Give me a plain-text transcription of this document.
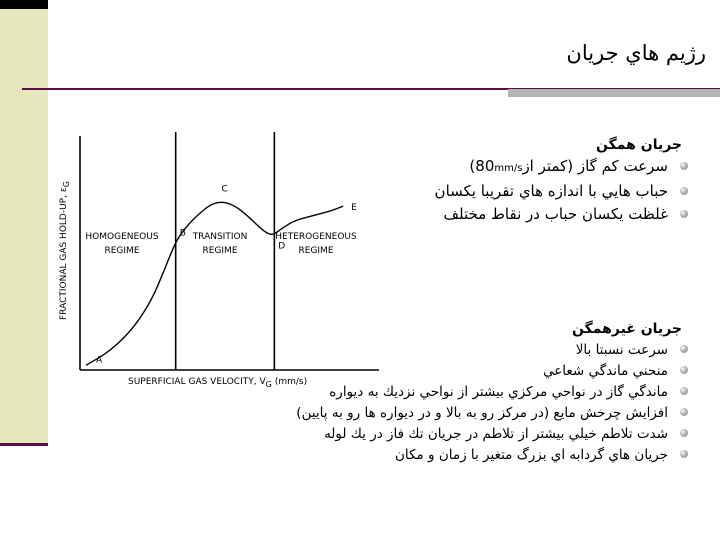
رژيم هاي جريان
HOMOGENEOUS
REGIME
TRANSITION
REGIME
HETEROGENEOUS
REGIME
A
B
C
D
E
SUPERFICIAL GAS VELOCITY, VG (mm/s)
FRACTIONAL GAS HOLD-UP, εG
جريان همگن
سرعت كم گاز (كمتر از80mm/s)
حباب هايي با اندازه هاي تقريبا يكسان
غلظت يكسان حباب در نقاط مختلف
جريان غيرهمگن
سرعت نسبتا بالا
منحني ماندگي شعاعي
ماندگي گاز در نواحي مركزي بيشتر از نواحي نزديك به ديواره
افزايش چرخش مايع (در مركز رو به بالا و در ديواره ها رو به پايين)
شدت تلاطم خيلي بيشتر از تلاطم در جريان تك فاز در يك لوله
جريان هاي گردابه اي بزرگ متغير با زمان و مكان
